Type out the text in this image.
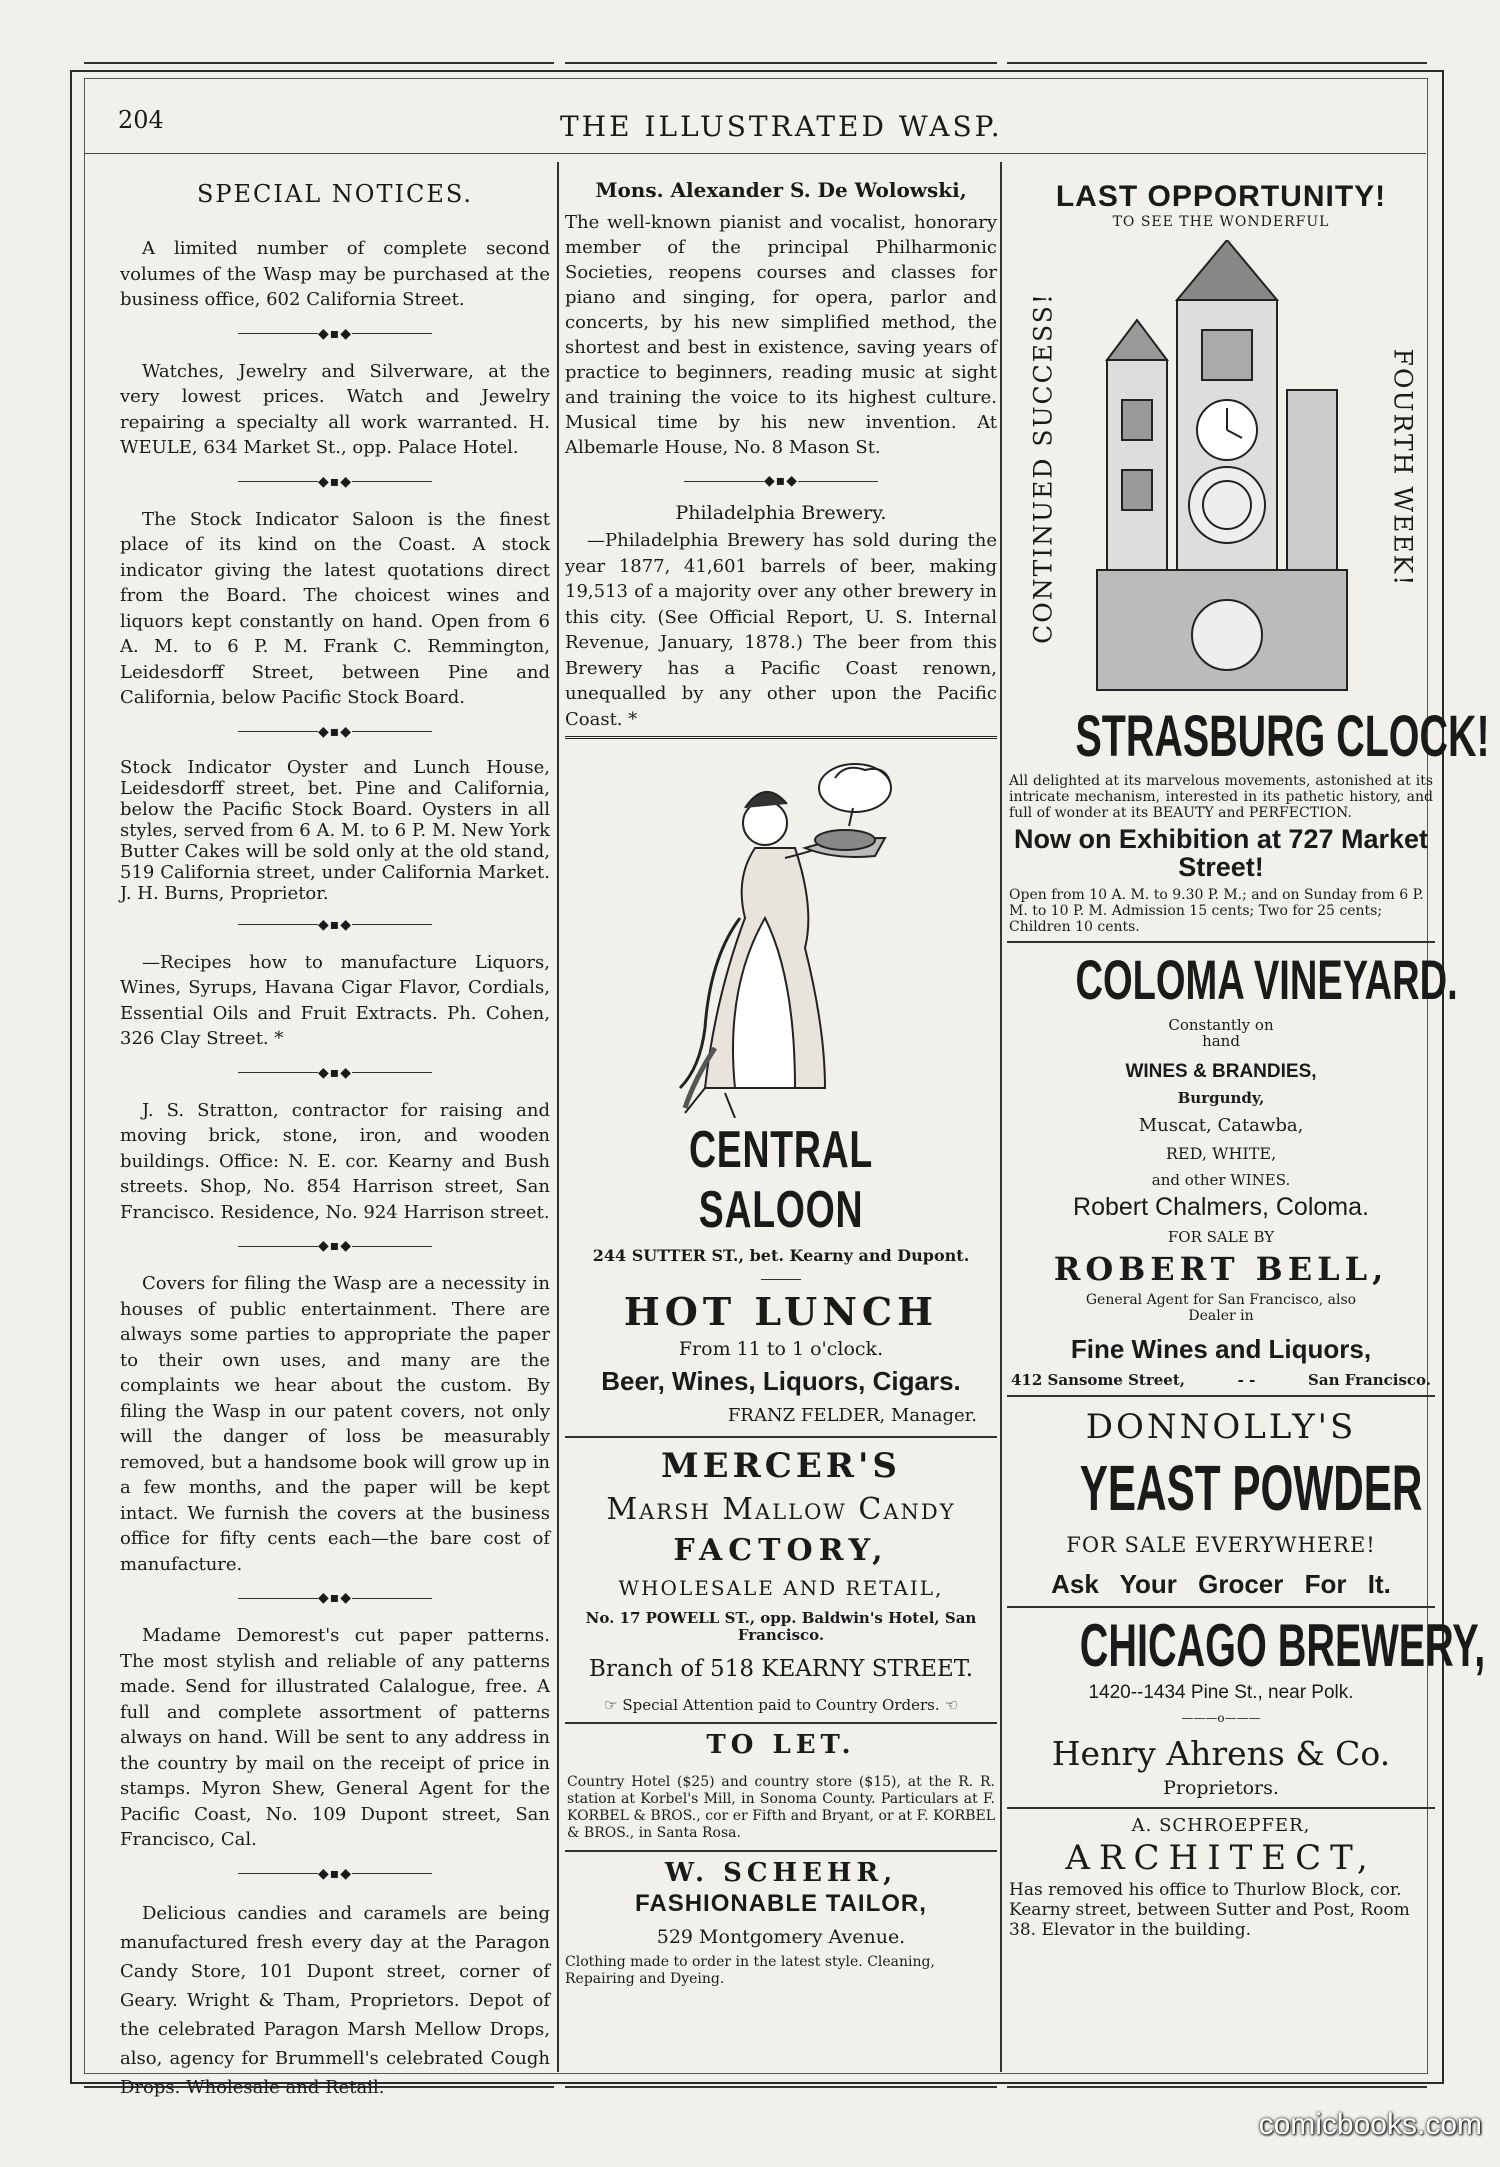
204	THE ILLUSTRATED WASP.
SPECIAL NOTICES.

A limited number of complete second volumes of the Wasp may be purchased at the business office, 602 California Street.

◆▪◆

Watches, Jewelry and Silverware, at the very lowest prices. Watch and Jewelry repairing a specialty all work warranted. H. WEULE, 634 Market St., opp. Palace Hotel.

◆▪◆

The Stock Indicator Saloon is the finest place of its kind on the Coast. A stock indicator giving the latest quotations direct from the Board. The choicest wines and liquors kept constantly on hand. Open from 6 A. M. to 6 P. M. Frank C. Remmington, Leidesdorff Street, between Pine and California, below Pacific Stock Board.

◆▪◆

Stock Indicator Oyster and Lunch House, Leidesdorff street, bet. Pine and California, below the Pacific Stock Board. Oysters in all styles, served from 6 A. M. to 6 P. M. New York Butter Cakes will be sold only at the old stand, 519 California street, under California Market. J. H. Burns, Proprietor.

◆▪◆

—Recipes how to manufacture Liquors, Wines, Syrups, Havana Cigar Flavor, Cordials, Essential Oils and Fruit Extracts. Ph. Cohen, 326 Clay Street. *

◆▪◆

J. S. Stratton, contractor for raising and moving brick, stone, iron, and wooden buildings. Office: N. E. cor. Kearny and Bush streets. Shop, No. 854 Harrison street, San Francisco. Residence, No. 924 Harrison street.

◆▪◆

Covers for filing the Wasp are a necessity in houses of public entertainment. There are always some parties to appropriate the paper to their own uses, and many are the complaints we hear about the custom. By filing the Wasp in our patent covers, not only will the danger of loss be measurably removed, but a handsome book will grow up in a few months, and the paper will be kept intact. We furnish the covers at the business office for fifty cents each—the bare cost of manufacture.

◆▪◆

Madame Demorest's cut paper patterns. The most stylish and reliable of any patterns made. Send for illustrated Calalogue, free. A full and complete assortment of patterns always on hand. Will be sent to any address in the country by mail on the receipt of price in stamps. Myron Shew, General Agent for the Pacific Coast, No. 109 Dupont street, San Francisco, Cal.

◆▪◆

Delicious candies and caramels are being manufactured fresh every day at the Paragon Candy Store, 101 Dupont street, corner of Geary. Wright & Tham, Proprietors. Depot of the celebrated Paragon Marsh Mellow Drops, also, agency for Brummell's celebrated Cough Drops. Wholesale and Retail.

Mons. Alexander S. De Wolowski,

The well-known pianist and vocalist, honorary member of the principal Philharmonic Societies, reopens courses and classes for piano and singing, for opera, parlor and concerts, by his new simplified method, the shortest and best in existence, saving years of practice to beginners, reading music at sight and training the voice to its highest culture. Musical time by his new invention. At Albemarle House, No. 8 Mason St.

◆▪◆
Philadelphia Brewery.

—Philadelphia Brewery has sold during the year 1877, 41,601 barrels of beer, making 19,513 of a majority over any other brewery in this city. (See Official Report, U. S. Internal Revenue, January, 1878.) The beer from this Brewery has a Pacific Coast renown, unequalled by any other upon the Pacific Coast. *

CENTRAL SALOON
244 SUTTER ST., bet. Kearny and Dupont.
HOT LUNCH
From 11 to 1 o'clock.
Beer, Wines, Liquors, Cigars.
FRANZ FELDER, Manager.
MERCER'S
Marsh Mallow Candy
FACTORY,
WHOLESALE AND RETAIL,
No. 17 POWELL ST., opp. Baldwin's Hotel, San Francisco.
Branch of 518 KEARNY STREET.
☞ Special Attention paid to Country Orders. ☜
TO LET.

Country Hotel ($25) and country store ($15), at the R. R. station at Korbel's Mill, in Sonoma County. Particulars at F. KORBEL & BROS., cor er Fifth and Bryant, or at F. KORBEL & BROS., in Santa Rosa.

W. SCHEHR,
FASHIONABLE TAILOR,
529 Montgomery Avenue.

Clothing made to order in the latest style. Cleaning, Repairing and Dyeing.

LAST OPPORTUNITY!
TO SEE THE WONDERFUL
CONTINUED SUCCESS!	FOURTH WEEK!
STRASBURG CLOCK!

All delighted at its marvelous movements, astonished at its intricate mechanism, interested in its pathetic history, and full of wonder at its BEAUTY and PERFECTION.

Now on Exhibition at 727 Market Street!

Open from 10 A. M. to 9.30 P. M.; and on Sunday from 6 P. M. to 10 P. M. Admission 15 cents; Two for 25 cents; Children 10 cents.

COLOMA VINEYARD.
Constantly on hand
WINES & BRANDIES,
Burgundy,
Muscat, Catawba,
RED, WHITE,
and other WINES.
Robert Chalmers, Coloma.
FOR SALE BY
ROBERT BELL,
General Agent for San Francisco, also Dealer in
Fine Wines and Liquors,
412 Sansome Street,	- -	San Francisco.
DONNOLLY'S
YEAST POWDER
FOR SALE EVERYWHERE!
Ask Your Grocer For It.
CHICAGO BREWERY,
1420--1434 Pine St., near Polk.
———o———
Henry Ahrens & Co.
Proprietors.
A. SCHROEPFER,
ARCHITECT,

Has removed his office to Thurlow Block, cor. Kearny street, between Sutter and Post, Room 38. Elevator in the building.

comicbooks.com
